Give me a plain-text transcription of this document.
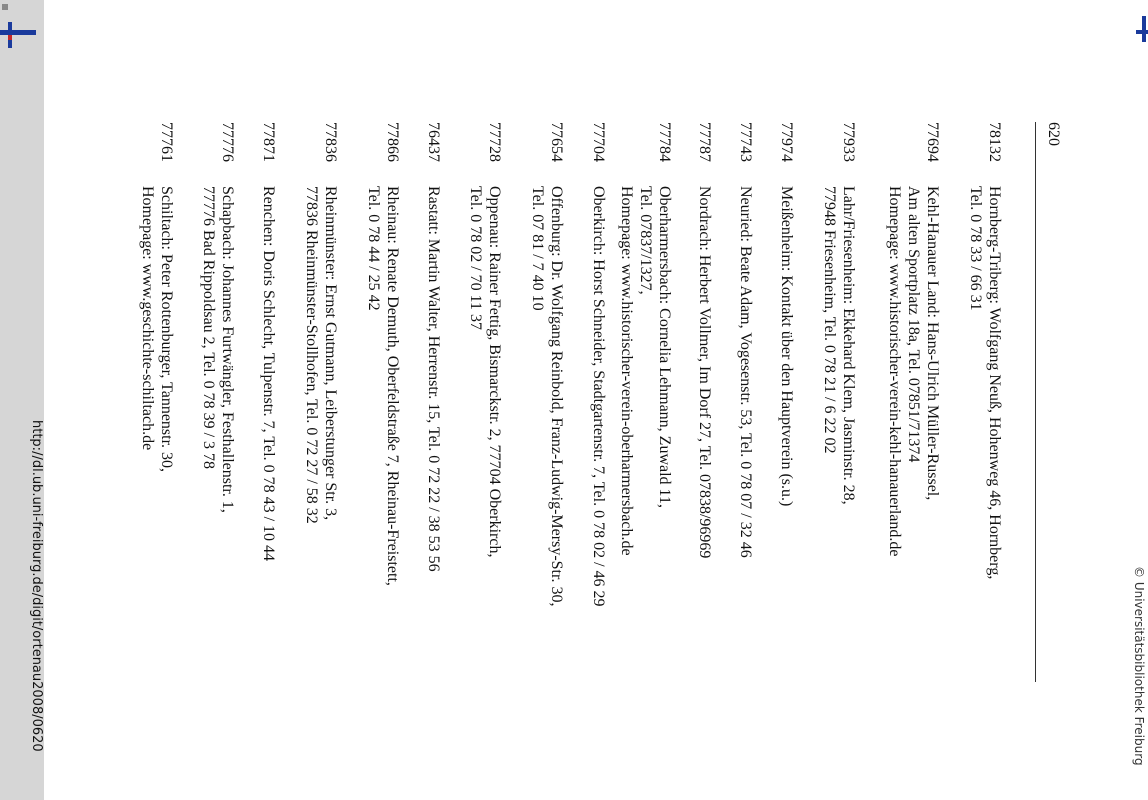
http://dl.ub.uni-freiburg.de/digit/ortenau2008/0620	© Universitätsbibliothek Freiburg
620
78132
Hornberg-Triberg: Wolfgang Neuß, Hohenweg 46, Hornberg,
Tel. 0 78 33 / 66 31
77694
Kehl-Hanauer Land: Hans-Ulrich Müller-Russel,
Am alten Sportplatz 18a, Tel. 07851/71374
Homepage: www.historischer-verein-kehl-hanauerland.de
77933
Lahr/Friesenheim: Ekkehard Klem, Jasminstr. 28,
77948 Friesenheim, Tel. 0 78 21 / 6 22 02
77974
Meißenheim: Kontakt über den Hauptverein (s.u.)
77743
Neuried: Beate Adam, Vogesenstr. 53, Tel. 0 78 07 / 32 46
77787
Nordrach: Herbert Vollmer, Im Dorf 27, Tel. 07838/96969
77784
Oberharmersbach: Cornelia Lehmann, Zuwald 11,
Tel. 07837/1327,
Homepage: www.historischer-verein-oberharmersbach.de
77704
Oberkirch: Horst Schneider, Stadtgartenstr. 7, Tel. 0 78 02 / 46 29
77654
Offenburg: Dr. Wolfgang Reinbold, Franz-Ludwig-Mersy-Str. 30,
Tel. 07 81 / 7 40 10
77728
Oppenau: Rainer Fettig, Bismarckstr. 2, 77704 Oberkirch,
Tel. 0 78 02 / 70 11 37
76437
Rastatt: Martin Walter, Herrenstr. 15, Tel. 0 72 22 / 38 53 56
77866
Rheinau: Renate Demuth, Oberfeldstraße 7, Rheinau-Freistett,
Tel. 0 78 44 / 25 42
77836
Rheinmünster: Ernst Gutmann, Leiberstunger Str. 3,
77836 Rheinmünster-Stollhofen, Tel. 0 72 27 / 58 32
77871
Renchen: Doris Schlecht, Tulpenstr. 7, Tel. 0 78 43 / 10 44
77776
Schapbach: Johannes Furtwängler, Festhallenstr. 1,
77776 Bad Rippoldsau 2, Tel. 0 78 39 / 3 78
77761
Schiltach: Peter Rottenburger, Tannenstr. 30,
Homepage: www.geschichte-schiltach.de
